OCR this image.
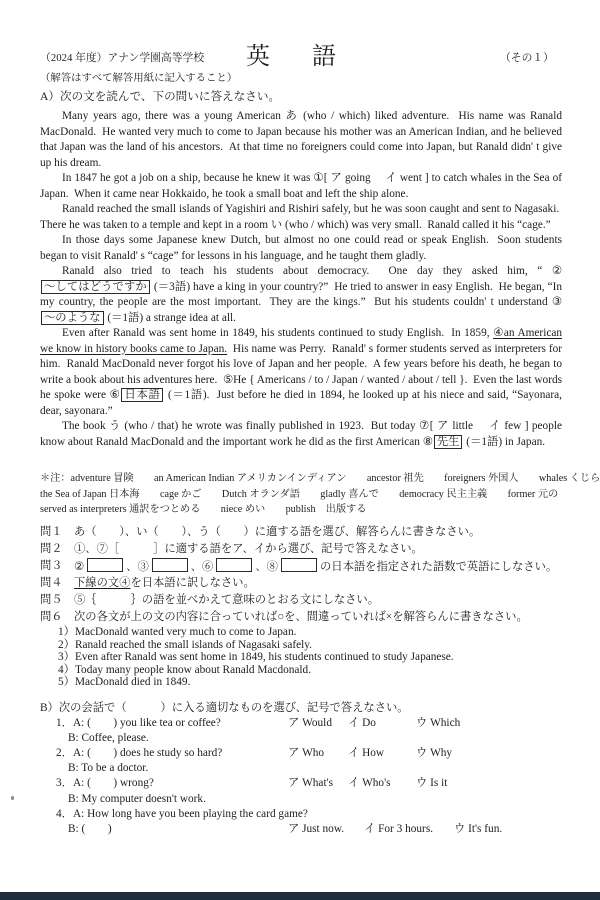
（2024 年度）アナン学園高等学校 英 語	（その１）
（解答はすべて解答用紙に記入すること）
A）次の文を読んで、下の問いに答えなさい。

Many years ago, there was a young American あ (who / which) liked adventure.  His name was Ranald MacDonald.  He wanted very much to come to Japan because his mother was an American Indian, and he believed that Japan was the land of his ancestors.  At that time no foreigners could come into Japan, but Ranald didn' t give up his dream.

In 1847 he got a job on a ship, because he knew it was ①[ ア going　 イ went ] to catch whales in the Sea of Japan.  When it came near Hokkaido, he took a small boat and left the ship alone.

Ranald reached the small islands of Yagishiri and Rishiri safely, but he was soon caught and sent to Nagasaki.  There he was taken to a temple and kept in a room い (who / which) was very small.  Ranald called it his “cage.”

In those days some Japanese knew Dutch, but almost no one could read or speak English.  Soon students began to visit Ranald' s “cage” for lessons in his language, and he taught them gladly.

Ranald also tried to teach his students about democracy.  One day they asked him, “ ②～してはどうですか (＝3語) have a king in your country?”  He tried to answer in easy English.  He began, “In my country, the people are the most important.  They are the kings.”  But his students couldn' t understand ③～のような (＝1語) a strange idea at all.

Even after Ranald was sent home in 1849, his students continued to study English.  In 1859, ④an American we know in history books came to Japan.  His name was Perry.  Ranald' s former students served as interpreters for him.  Ranald MacDonald never forgot his love of Japan and her people.  A few years before his death, he began to write a book about his adventures here.  ⑤He { Americans / to / Japan / wanted / about / tell }.  Even the last words he spoke were ⑥ 日本語 (＝1語).  Just before he died in 1894, he looked up at his niece and said, “Sayonara, dear, sayonara.”

The book う (who / that) he wrote was finally published in 1923.  But today ⑦[ ア little　 イ few ] people know about Ranald MacDonald and the important work he did as the first American ⑧ 先生 (＝1語) in Japan.

＊注：adventure 冒険　　an American Indian アメリカンインディアン　　ancestor 祖先　　foreigners 外国人　　whales くじら
the Sea of Japan 日本海　　cage かご　　Dutch オランダ語　　gladly 喜んで　　democracy 民主主義　　former 元の
served as interpreters 通訳をつとめる　　niece めい　　publish　出版する
問１	あ（　　）、い（　　）、う（　　）に適する語を選び、解答らんに書きなさい。
問２	①、⑦［　　　］に適する語をア、イから選び、記号で答えなさい。
問３	②	、③	、⑥	、⑧	の日本語を指定された語数で英語にしなさい。
問４	下線の文④を日本語に訳しなさい。
問５	⑤｛　　　｝の語を並べかえて意味のとおる文にしなさい。
問６	次の各文が上の文の内容に合っていれば○を、間違っていれば×を解答らんに書きなさい。
1）MacDonald wanted very much to come to Japan.
2）Ranald reached the small islands of Nagasaki safely.
3）Even after Ranald was sent home in 1849, his students continued to study Japanese.
4）Today many people know about Ranald Macdonald.
5）MacDonald died in 1849.
B）次の会話で（　　　）に入る適切なものを選び、記号で答えなさい。
1．A: (　　) you like tea or coffee?	ア Would	イ Do	ウ Which
B: Coffee, please.
2．A: (　　) does he study so hard?	ア Who	イ How	ウ Why
B: To be a doctor.
3．A: (　　) wrong?	ア What's	イ Who's	ウ Is it
B: My computer doesn't work.
4．A: How long have you been playing the card game?
B: (　　)	ア Just now.	イ For 3 hours.	ウ It's fun.
